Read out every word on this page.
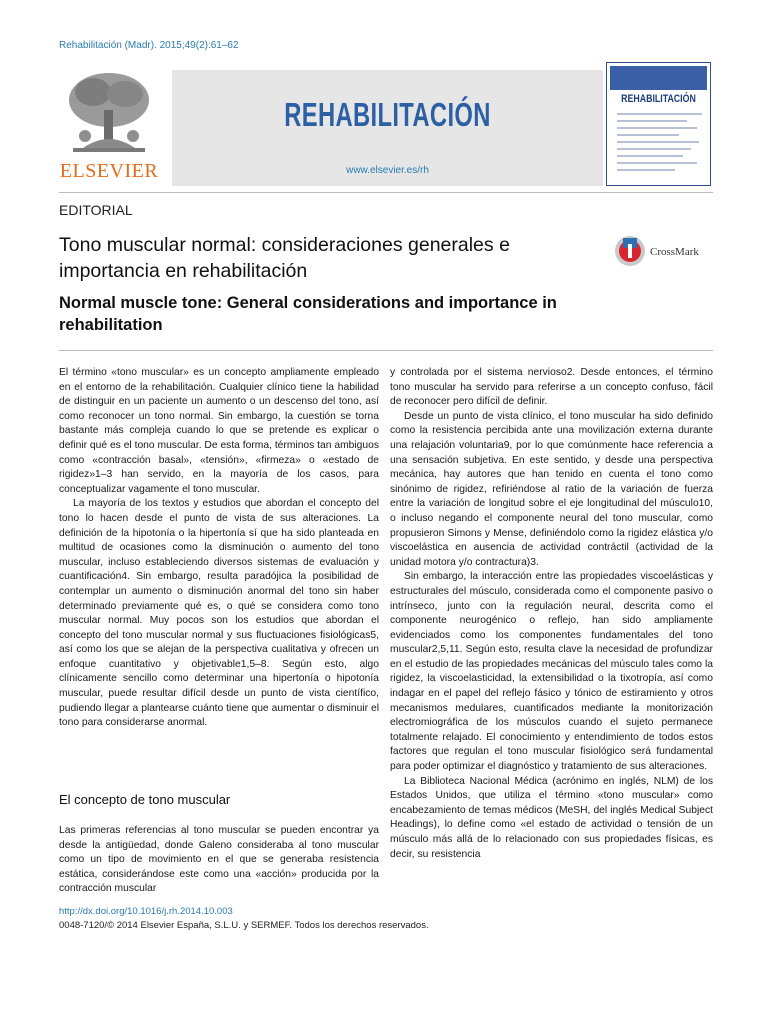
Rehabilitación (Madr). 2015;49(2):61–62
ELSEVIER
REHABILITACIÓN
www.elsevier.es/rh
REHABILITACIÓN
EDITORIAL
Tono muscular normal: consideraciones generales e importancia en rehabilitación
CrossMark
Normal muscle tone: General considerations and importance in rehabilitation

El término «tono muscular» es un concepto ampliamente empleado en el entorno de la rehabilitación. Cualquier clínico tiene la habilidad de distinguir en un paciente un aumento o un descenso del tono, así como reconocer un tono normal. Sin embargo, la cuestión se torna bastante más compleja cuando lo que se pretende es explicar o definir qué es el tono muscular. De esta forma, términos tan ambiguos como «contracción basal», «tensión», «firmeza» o «estado de rigidez»1–3 han servido, en la mayoría de los casos, para conceptualizar vagamente el tono muscular.

La mayoría de los textos y estudios que abordan el concepto del tono lo hacen desde el punto de vista de sus alteraciones. La definición de la hipotonía o la hipertonía sí que ha sido planteada en multitud de ocasiones como la disminución o aumento del tono muscular, incluso estableciendo diversos sistemas de evaluación y cuantificación4. Sin embargo, resulta paradójica la posibilidad de contemplar un aumento o disminución anormal del tono sin haber determinado previamente qué es, o qué se considera como tono muscular normal. Muy pocos son los estudios que abordan el concepto del tono muscular normal y sus fluctuaciones fisiológicas5, así como los que se alejan de la perspectiva cualitativa y ofrecen un enfoque cuantitativo y objetivable1,5–8. Según esto, algo clínicamente sencillo como determinar una hipertonía o hipotonía muscular, puede resultar difícil desde un punto de vista científico, pudiendo llegar a plantearse cuánto tiene que aumentar o disminuir el tono para considerarse anormal.

El concepto de tono muscular

Las primeras referencias al tono muscular se pueden encontrar ya desde la antigüedad, donde Galeno consideraba al tono muscular como un tipo de movimiento en el que se generaba resistencia estática, considerándose este como una «acción» producida por la contracción muscular

y controlada por el sistema nervioso2. Desde entonces, el término tono muscular ha servido para referirse a un concepto confuso, fácil de reconocer pero difícil de definir.

Desde un punto de vista clínico, el tono muscular ha sido definido como la resistencia percibida ante una movilización externa durante una relajación voluntaria9, por lo que comúnmente hace referencia a una sensación subjetiva. En este sentido, y desde una perspectiva mecánica, hay autores que han tenido en cuenta el tono como sinónimo de rigidez, refiriéndose al ratio de la variación de fuerza entre la variación de longitud sobre el eje longitudinal del músculo10, o incluso negando el componente neural del tono muscular, como propusieron Simons y Mense, definiéndolo como la rigidez elástica y/o viscoelástica en ausencia de actividad contráctil (actividad de la unidad motora y/o contractura)3.

Sin embargo, la interacción entre las propiedades viscoelásticas y estructurales del músculo, considerada como el componente pasivo o intrínseco, junto con la regulación neural, descrita como el componente neurogénico o reflejo, han sido ampliamente evidenciados como los componentes fundamentales del tono muscular2,5,11. Según esto, resulta clave la necesidad de profundizar en el estudio de las propiedades mecánicas del músculo tales como la rigidez, la viscoelasticidad, la extensibilidad o la tixotropía, así como indagar en el papel del reflejo fásico y tónico de estiramiento y otros mecanismos medulares, cuantificados mediante la monitorización electromiográfica de los músculos cuando el sujeto permanece totalmente relajado. El conocimiento y entendimiento de todos estos factores que regulan el tono muscular fisiológico será fundamental para poder optimizar el diagnóstico y tratamiento de sus alteraciones.

La Biblioteca Nacional Médica (acrónimo en inglés, NLM) de los Estados Unidos, que utiliza el término «tono muscular» como encabezamiento de temas médicos (MeSH, del inglés Medical Subject Headings), lo define como «el estado de actividad o tensión de un músculo más allá de lo relacionado con sus propiedades físicas, es decir, su resistencia

http://dx.doi.org/10.1016/j.rh.2014.10.003
0048-7120/© 2014 Elsevier España, S.L.U. y SERMEF. Todos los derechos reservados.
